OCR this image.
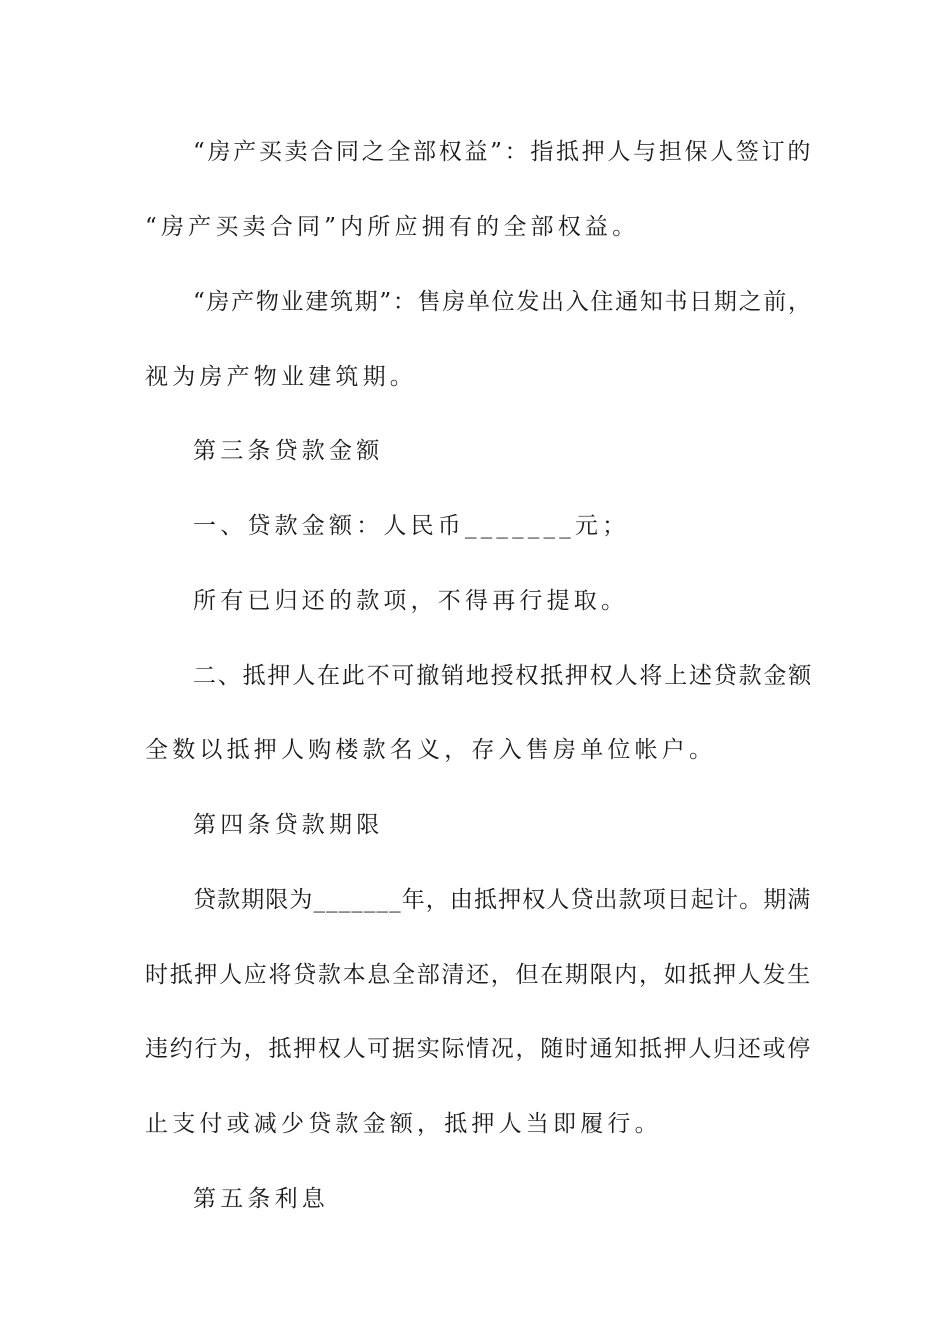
“房产买卖合同之全部权益”：指抵押人与担保人签订的
“房产买卖合同”内所应拥有的全部权益。
“房产物业建筑期”：售房单位发出入住通知书日期之前，
视为房产物业建筑期。
第三条贷款金额
一、贷款金额：人民币_______元；
所有已归还的款项，不得再行提取。
二、抵押人在此不可撤销地授权抵押权人将上述贷款金额
全数以抵押人购楼款名义，存入售房单位帐户。
第四条贷款期限
贷款期限为_______年，由抵押权人贷出款项日起计。期满
时抵押人应将贷款本息全部清还，但在期限内，如抵押人发生
违约行为，抵押权人可据实际情况，随时通知抵押人归还或停
止支付或减少贷款金额，抵押人当即履行。
第五条利息
